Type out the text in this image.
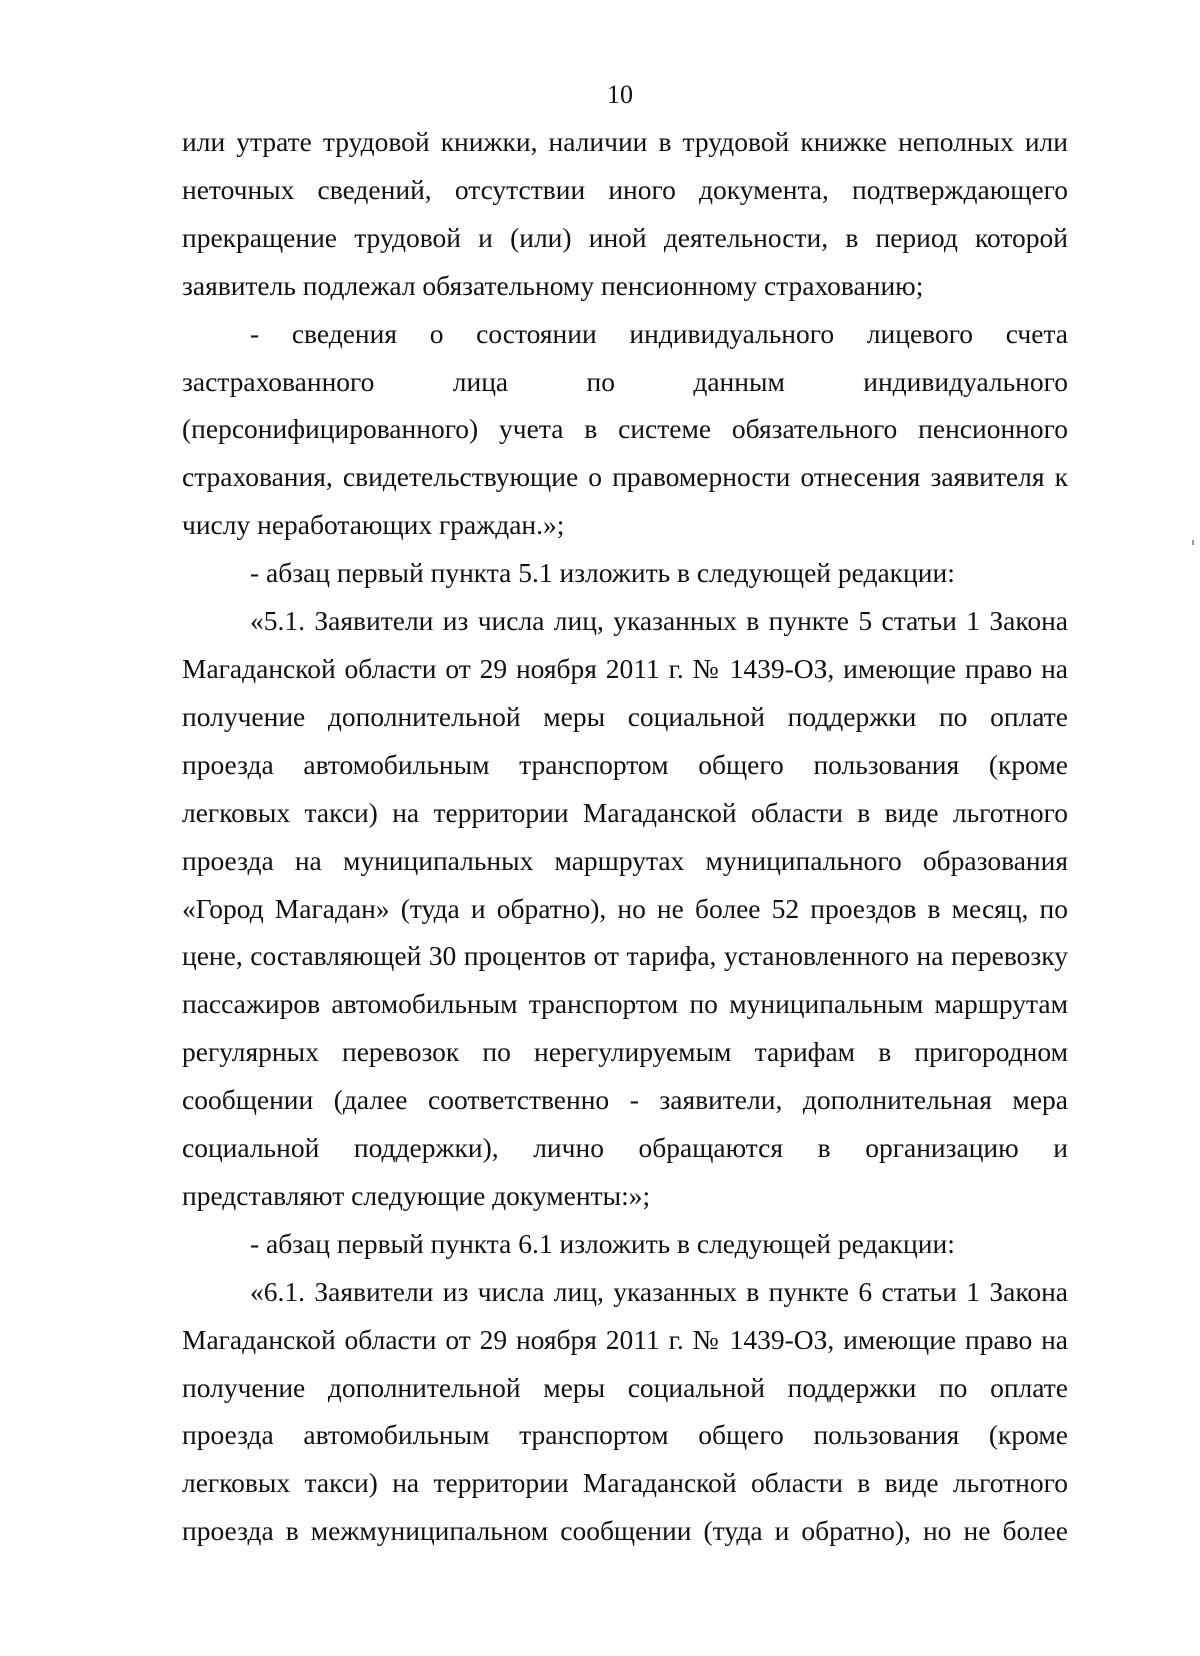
10

или утрате трудовой книжки, наличии в трудовой книжке неполных или неточных сведений, отсутствии иного документа, подтверждающего прекращение трудовой и (или) иной деятельности, в период которой заявитель подлежал обязательному пенсионному страхованию;

- сведения о состоянии индивидуального лицевого счета застрахованного лица по данным индивидуального (персонифицированного) учета в системе обязательного пенсионного страхования, свидетельствующие о правомерности отнесения заявителя к числу неработающих граждан.»;

- абзац первый пункта 5.1 изложить в следующей редакции:

«5.1. Заявители из числа лиц, указанных в пункте 5 статьи 1 Закона Магаданской области от 29 ноября 2011 г. № 1439-ОЗ, имеющие право на получение дополнительной меры социальной поддержки по оплате проезда автомобильным транспортом общего пользования (кроме легковых такси) на территории Магаданской области в виде льготного проезда на муниципальных маршрутах муниципального образования «Город Магадан» (туда и обратно), но не более 52 проездов в месяц, по цене, составляющей 30 процентов от тарифа, установленного на перевозку пассажиров автомобильным транспортом по муниципальным маршрутам регулярных перевозок по нерегулируемым тарифам в пригородном сообщении (далее соответственно - заявители, дополнительная мера социальной поддержки), лично обращаются в организацию и представляют следующие документы:»;

- абзац первый пункта 6.1 изложить в следующей редакции:

«6.1. Заявители из числа лиц, указанных в пункте 6 статьи 1 Закона Магаданской области от 29 ноября 2011 г. № 1439-ОЗ, имеющие право на получение дополнительной меры социальной поддержки по оплате проезда автомобильным транспортом общего пользования (кроме легковых такси) на территории Магаданской области в виде льготного проезда в межмуниципальном сообщении (туда и обратно), но не более
